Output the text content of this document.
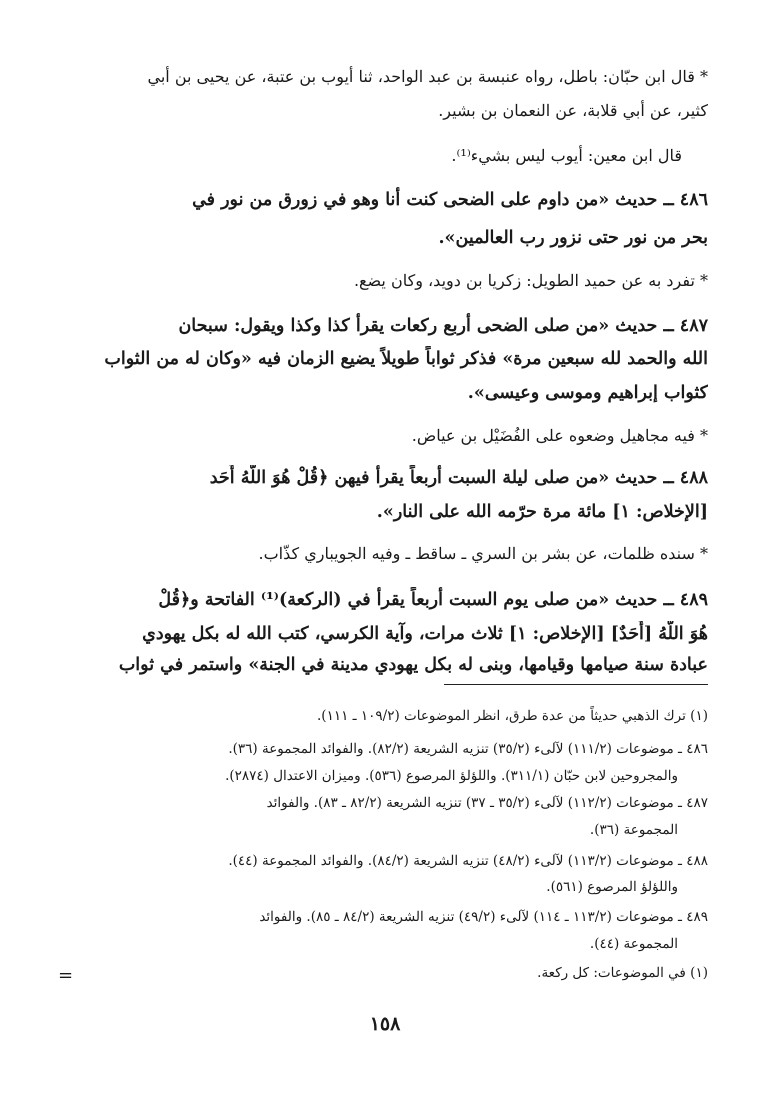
* قال ابن حبّان: باطل، رواه عنبسة بن عبد الواحد، ثنا أيوب بن عتبة، عن يحيى بن أبي
كثير، عن أبي قلابة، عن النعمان بن بشير.
قال ابن معين: أيوب ليس بشيء⁽¹⁾.
٤٨٦ ــ حديث «من داوم على الضحى كنت أنا وهو في زورق من نور في
بحر من نور حتى نزور رب العالمين».
* تفرد به عن حميد الطويل: زكريا بن دويد، وكان يضع.
٤٨٧ ــ حديث «من صلى الضحى أربع ركعات يقرأ كذا وكذا ويقول: سبحان
الله والحمد لله سبعين مرة» فذكر ثواباً طويلاً يضيع الزمان فيه «وكان له من الثواب
كثواب إبراهيم وموسى وعيسى».
* فيه مجاهيل وضعوه على الفُضَيْل بن عياض.
٤٨٨ ــ حديث «من صلى ليلة السبت أربعاً يقرأ فيهن ﴿قُلْ هُوَ اللَّهُ أَحَد
[الإخلاص: ١] مائة مرة حرّمه الله على النار».
* سنده ظلمات، عن بشر بن السري ـ ساقط ـ وفيه الجويباري كذّاب.
٤٨٩ ــ حديث «من صلى يوم السبت أربعاً يقرأ في (الركعة)⁽¹⁾ الفاتحة و﴿قُلْ
هُوَ اللَّهُ [أَحَدٌ] [الإخلاص: ١] ثلاث مرات، وآية الكرسي، كتب الله له بكل يهودي
عبادة سنة صيامها وقيامها، وبنى له بكل يهودي مدينة في الجنة» واستمر في ثواب
(١) ترك الذهبي حديثاً من عدة طرق، انظر الموضوعات (١٠٩/٢ ـ ١١١).
٤٨٦ ـ موضوعات (١١١/٢) لآلىء (٣٥/٢) تنزيه الشريعة (٨٢/٢). والفوائد المجموعة (٣٦).
والمجروحين لابن حبّان (٣١١/١). واللؤلؤ المرصوع (٥٣٦). وميزان الاعتدال (٢٨٧٤).
٤٨٧ ـ موضوعات (١١٢/٢) لآلىء (٣٥/٢ ـ ٣٧) تنزيه الشريعة (٨٢/٢ ـ ٨٣). والفوائد
المجموعة (٣٦).
٤٨٨ ـ موضوعات (١١٣/٢) لآلىء (٤٨/٢) تنزيه الشريعة (٨٤/٢). والفوائد المجموعة (٤٤).
واللؤلؤ المرصوع (٥٦١).
٤٨٩ ـ موضوعات (١١٣/٢ ـ ١١٤) لآلىء (٤٩/٢) تنزيه الشريعة (٨٤/٢ ـ ٨٥). والفوائد
المجموعة (٤٤).
(١) في الموضوعات: كل ركعة.
=
١٥٨
